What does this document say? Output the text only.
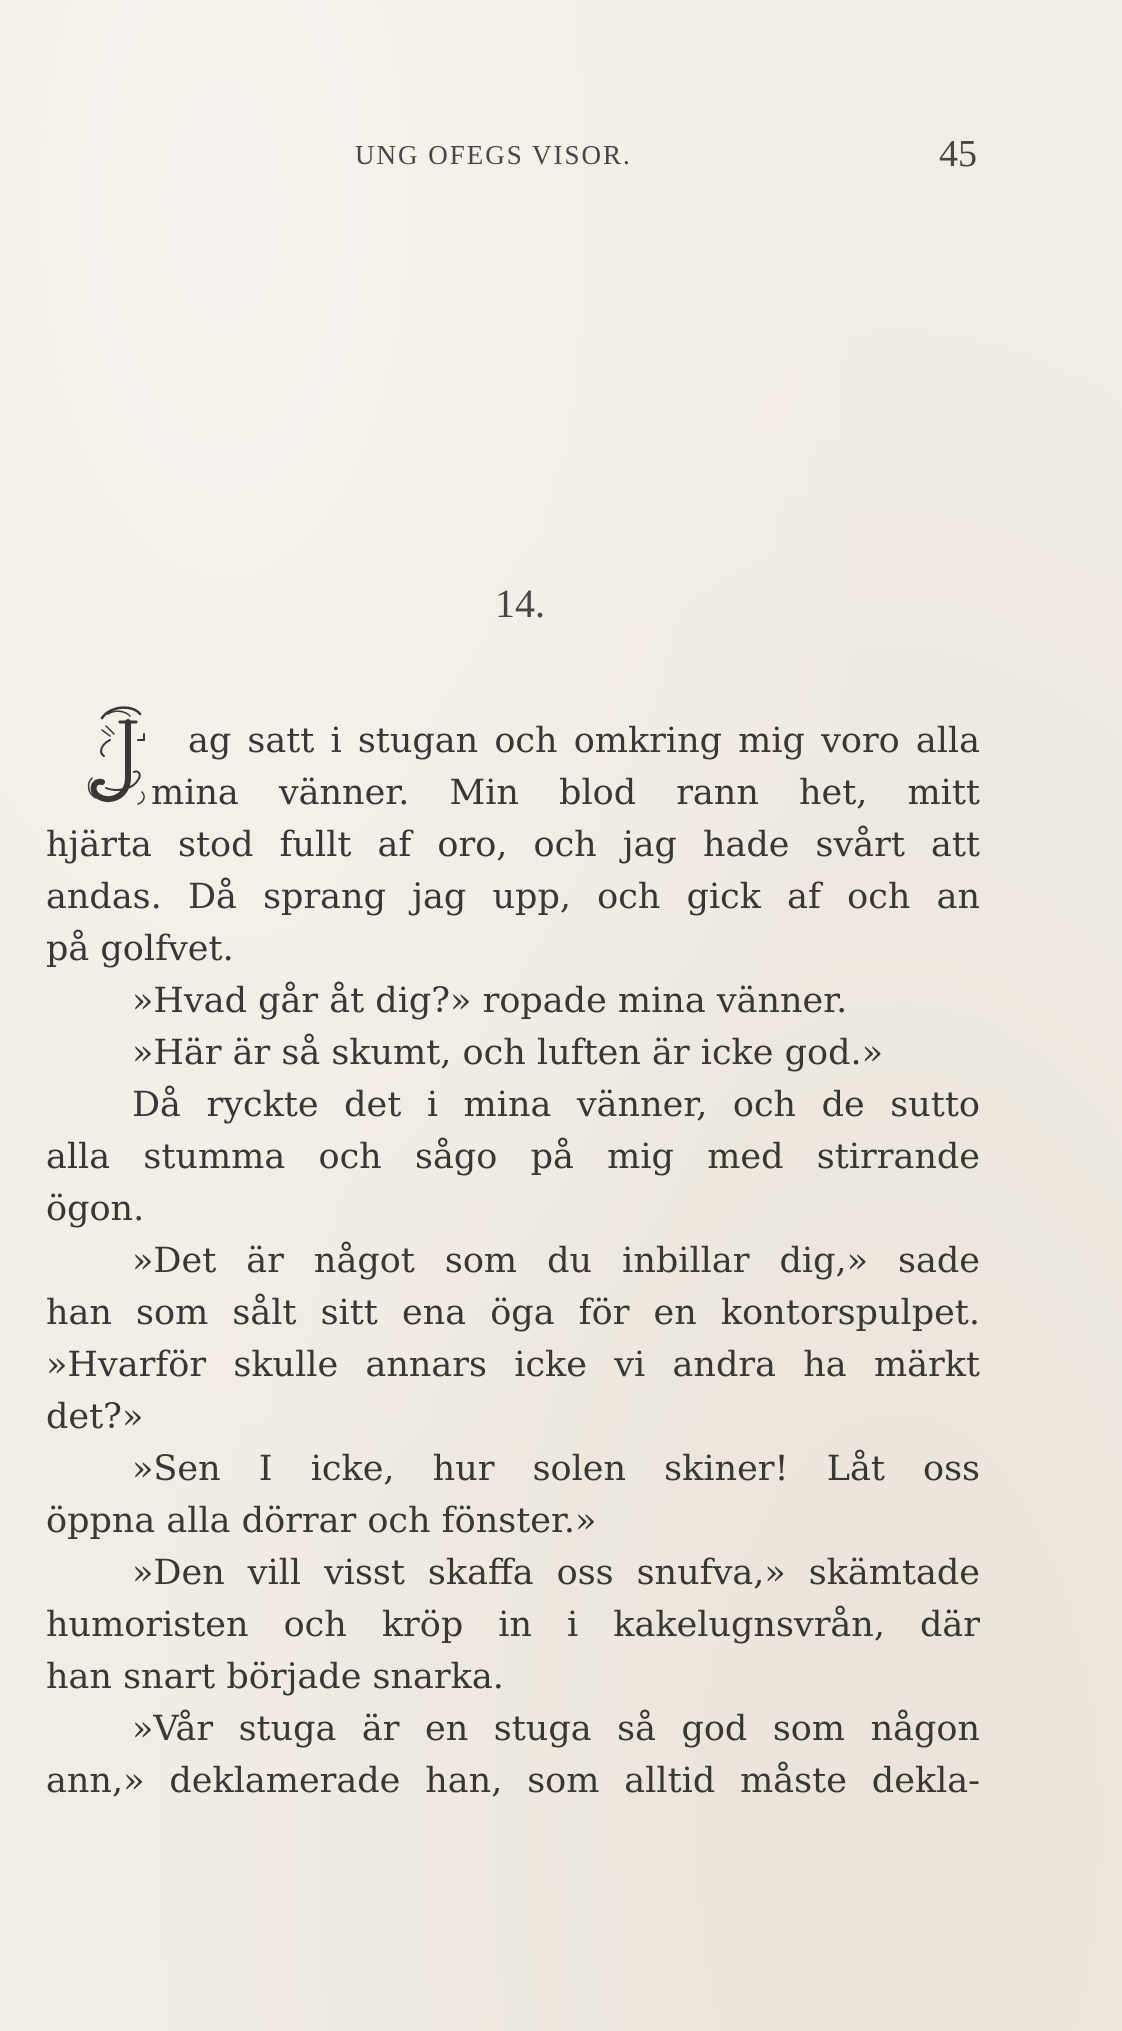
UNG OFEGS VISOR.	45
14.
ag satt i stugan och omkring mig voro alla
mina vänner. Min blod rann het, mitt
hjärta stod fullt af oro, och jag hade svårt att
andas. Då sprang jag upp, och gick af och an
på golfvet.
»Hvad går åt dig?» ropade mina vänner.
»Här är så skumt, och luften är icke god.»
Då ryckte det i mina vänner, och de sutto
alla stumma och sågo på mig med stirrande
ögon.
»Det är något som du inbillar dig,» sade
han som sålt sitt ena öga för en kontorspulpet.
»Hvarför skulle annars icke vi andra ha märkt
det?»
»Sen I icke, hur solen skiner! Låt oss
öppna alla dörrar och fönster.»
»Den vill visst skaffa oss snufva,» skämtade
humoristen och kröp in i kakelugnsvrån, där
han snart började snarka.
»Vår stuga är en stuga så god som någon
ann,» deklamerade han, som alltid måste dekla-
